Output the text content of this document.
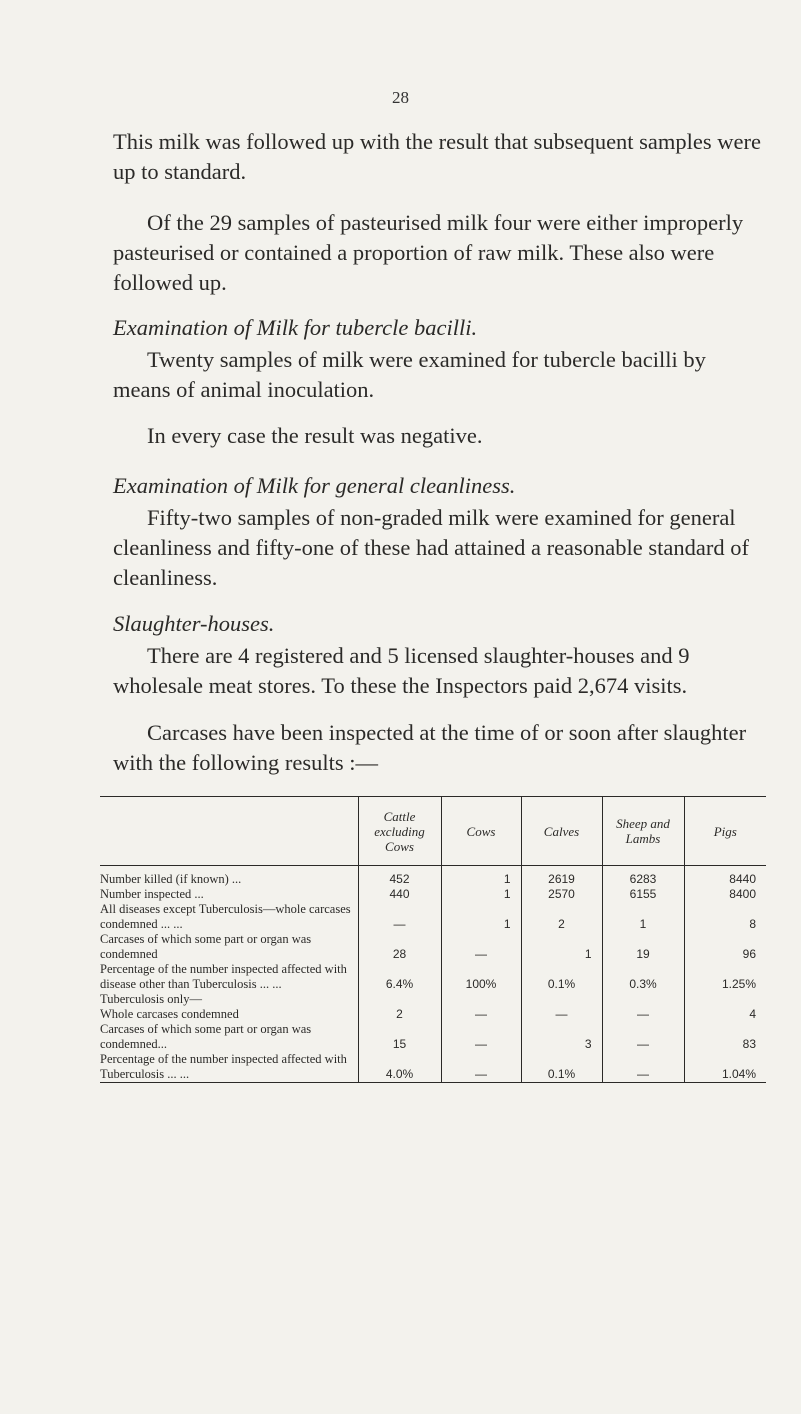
28

This milk was followed up with the result that subsequent samples were up to standard.

Of the 29 samples of pasteurised milk four were either improperly pasteurised or contained a proportion of raw milk. These also were followed up.

Examination of Milk for tubercle bacilli.

Twenty samples of milk were examined for tubercle bacilli by means of animal inoculation.

In every case the result was negative.

Examination of Milk for general cleanliness.

Fifty-two samples of non-graded milk were examined for general cleanliness and fifty-one of these had attained a reasonable standard of cleanliness.

Slaughter-houses.

There are 4 registered and 5 licensed slaughter-houses and 9 wholesale meat stores. To these the Inspectors paid 2,674 visits.

Carcases have been inspected at the time of or soon after slaughter with the following results :—

	Cattle excluding Cows	Cows	Calves	Sheep and Lambs	Pigs
Number killed (if known) ...	452	1	2619	6283	8440
Number inspected ...	440	1	2570	6155	8400
All diseases except Tuberculosis—whole carcases condemned ... ...	—	1	2	1	8
Carcases of which some part or organ was condemned	28	—	1	19	96
Percentage of the number inspected affected with disease other than Tuberculosis ... ...	6.4%	100%	0.1%	0.3%	1.25%
Tuberculosis only—					
Whole carcases condemned	2	—	—	—	4
Carcases of which some part or organ was condemned...	15	—	3	—	83
Percentage of the number inspected affected with Tuberculosis ... ...	4.0%	—	0.1%	—	1.04%
